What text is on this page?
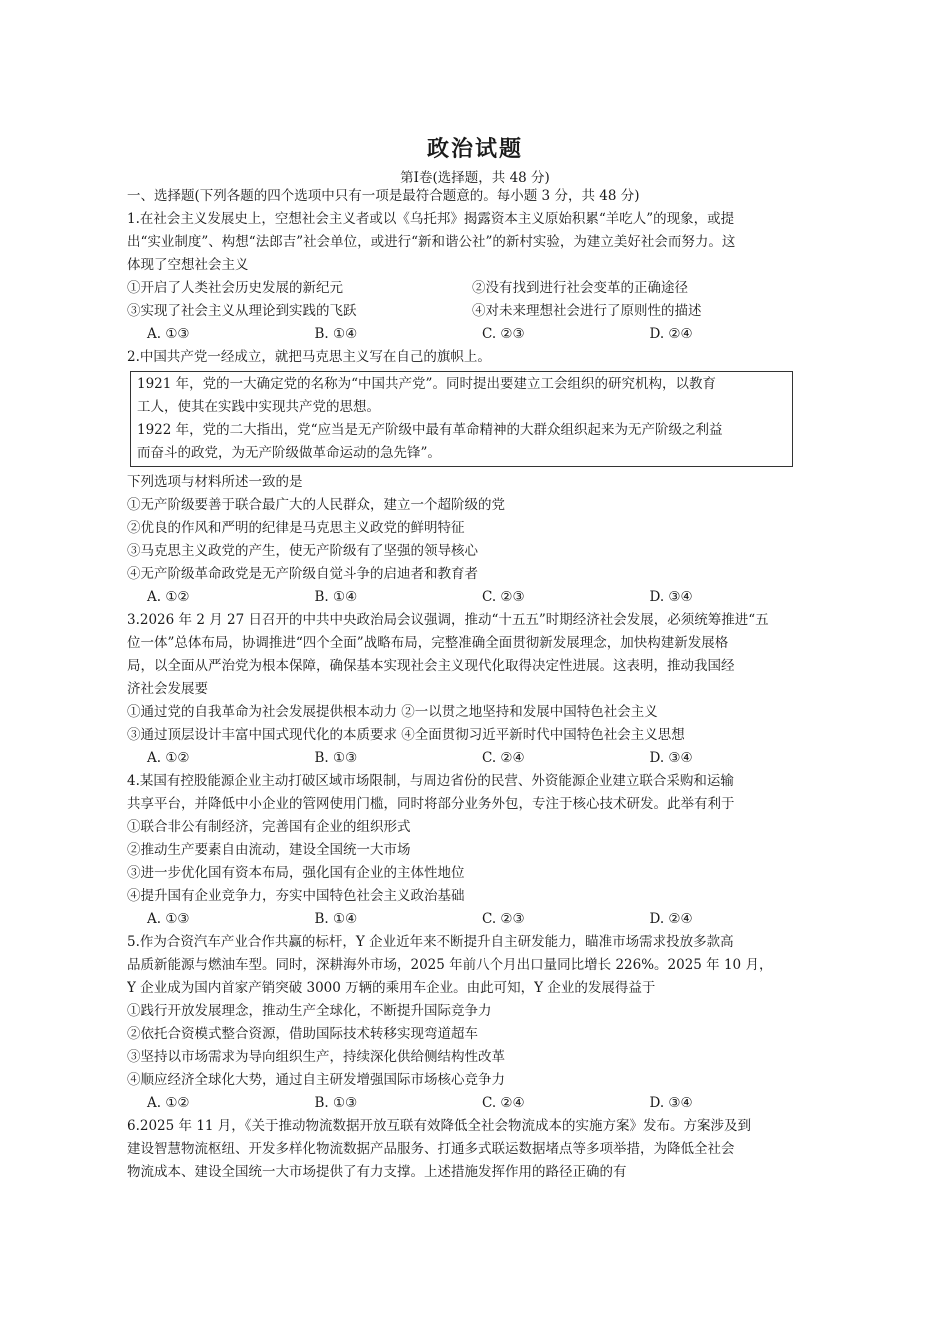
政治试题
第Ⅰ卷(选择题，共 48 分)
一、选择题(下列各题的四个选项中只有一项是最符合题意的。每小题 3 分，共 48 分)
1.在社会主义发展史上，空想社会主义者或以《乌托邦》揭露资本主义原始积累“羊吃人”的现象，或提
出“实业制度”、构想“法郎吉”社会单位，或进行“新和谐公社”的新村实验，为建立美好社会而努力。这
体现了空想社会主义
①开启了人类社会历史发展的新纪元	②没有找到进行社会变革的正确途径
③实现了社会主义从理论到实践的飞跃	④对未来理想社会进行了原则性的描述
A. ①③	B. ①④	C. ②③	D. ②④
2.中国共产党一经成立，就把马克思主义写在自己的旗帜上。
1921 年，党的一大确定党的名称为“中国共产党”。同时提出要建立工会组织的研究机构，以教育
工人，使其在实践中实现共产党的思想。
1922 年，党的二大指出，党“应当是无产阶级中最有革命精神的大群众组织起来为无产阶级之利益
而奋斗的政党，为无产阶级做革命运动的急先锋”。
下列选项与材料所述一致的是
①无产阶级要善于联合最广大的人民群众，建立一个超阶级的党
②优良的作风和严明的纪律是马克思主义政党的鲜明特征
③马克思主义政党的产生，使无产阶级有了坚强的领导核心
④无产阶级革命政党是无产阶级自觉斗争的启迪者和教育者
A. ①②	B. ①④	C. ②③	D. ③④
3.2026 年 2 月 27 日召开的中共中央政治局会议强调，推动“十五五”时期经济社会发展，必须统筹推进“五
位一体”总体布局，协调推进“四个全面”战略布局，完整准确全面贯彻新发展理念，加快构建新发展格
局，以全面从严治党为根本保障，确保基本实现社会主义现代化取得决定性进展。这表明，推动我国经
济社会发展要
①通过党的自我革命为社会发展提供根本动力 ②一以贯之地坚持和发展中国特色社会主义
③通过顶层设计丰富中国式现代化的本质要求 ④全面贯彻习近平新时代中国特色社会主义思想
A. ①②	B. ①③	C. ②④	D. ③④
4.某国有控股能源企业主动打破区域市场限制，与周边省份的民营、外资能源企业建立联合采购和运输
共享平台，并降低中小企业的管网使用门槛，同时将部分业务外包，专注于核心技术研发。此举有利于
①联合非公有制经济，完善国有企业的组织形式
②推动生产要素自由流动，建设全国统一大市场
③进一步优化国有资本布局，强化国有企业的主体性地位
④提升国有企业竞争力，夯实中国特色社会主义政治基础
A. ①③	B. ①④	C. ②③	D. ②④
5.作为合资汽车产业合作共赢的标杆，Y 企业近年来不断提升自主研发能力，瞄准市场需求投放多款高
品质新能源与燃油车型。同时，深耕海外市场，2025 年前八个月出口量同比增长 226%。2025 年 10 月，
Y 企业成为国内首家产销突破 3000 万辆的乘用车企业。由此可知，Y 企业的发展得益于
①践行开放发展理念，推动生产全球化，不断提升国际竞争力
②依托合资模式整合资源，借助国际技术转移实现弯道超车
③坚持以市场需求为导向组织生产，持续深化供给侧结构性改革
④顺应经济全球化大势，通过自主研发增强国际市场核心竞争力
A. ①②	B. ①③	C. ②④	D. ③④
6.2025 年 11 月，《关于推动物流数据开放互联有效降低全社会物流成本的实施方案》发布。方案涉及到
建设智慧物流枢纽、开发多样化物流数据产品服务、打通多式联运数据堵点等多项举措，为降低全社会
物流成本、建设全国统一大市场提供了有力支撑。上述措施发挥作用的路径正确的有
